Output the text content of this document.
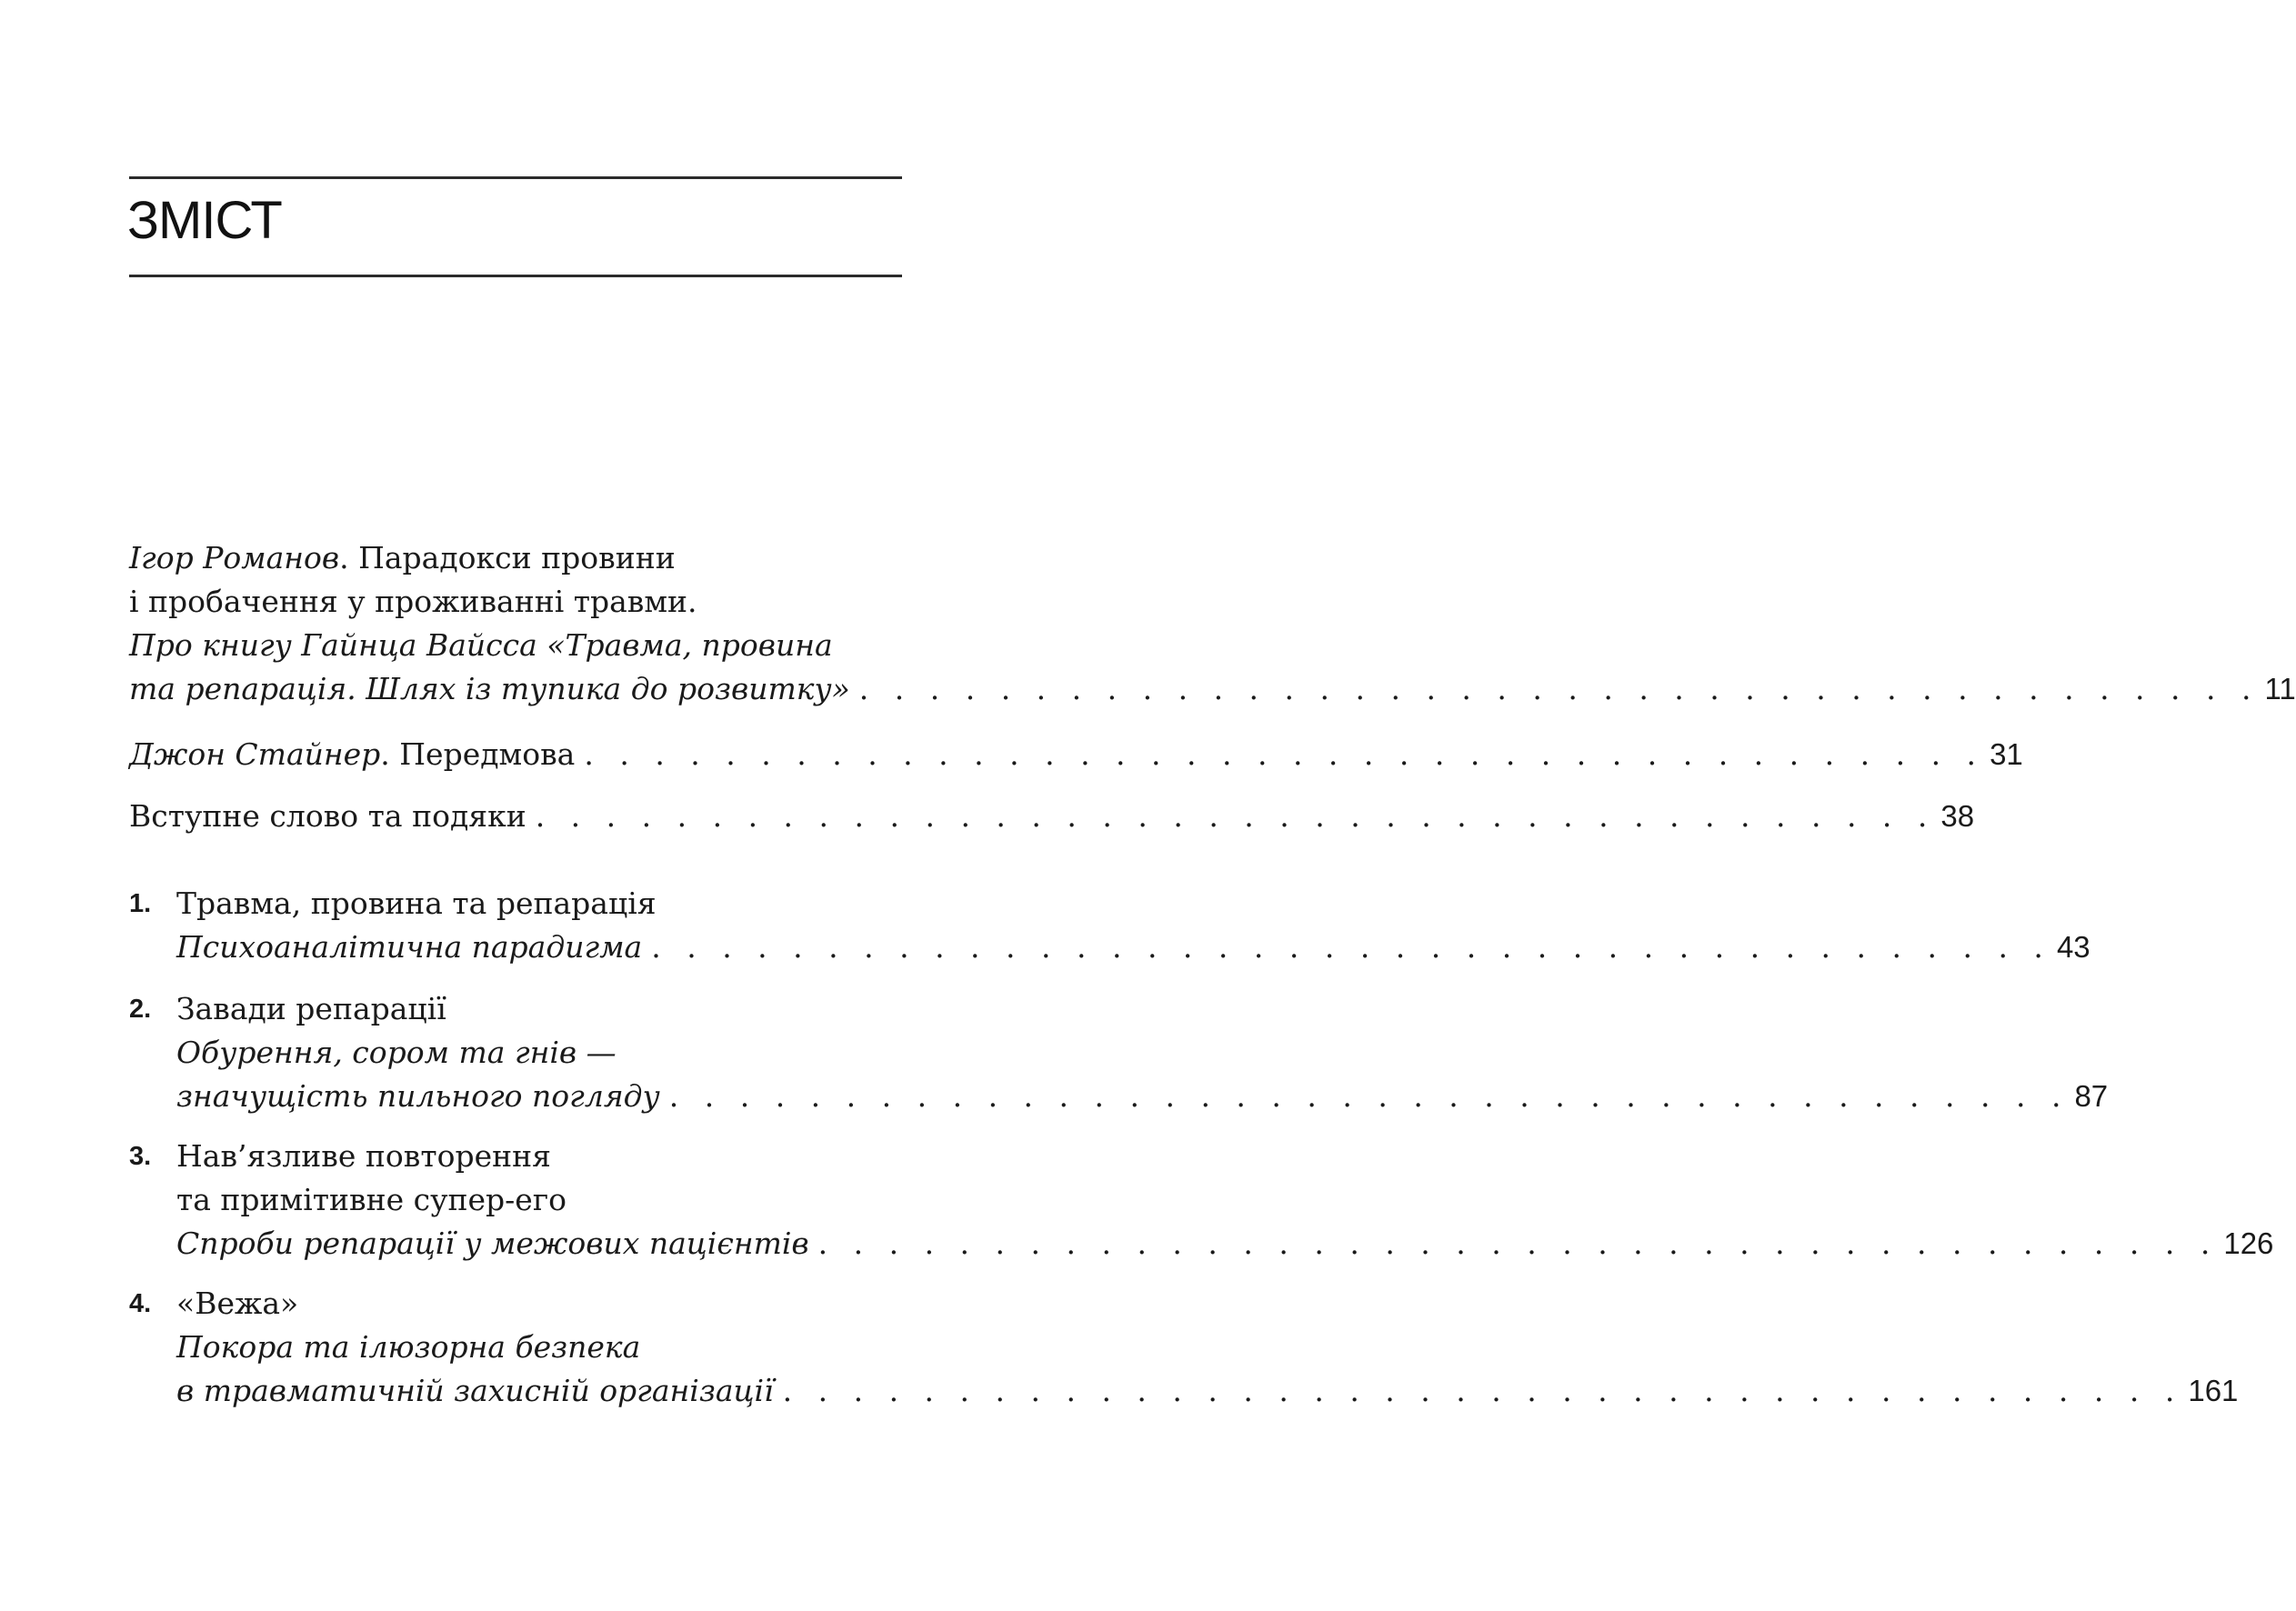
ЗМІСТ
Ігор Романов. Парадокси провини
і пробачення у проживанні травми.
Про книгу Гайнца Вайсса «Травма, провина
та репарація. Шлях із тупика до розвитку» . . . . . . . . . . . . . . . . . . . . . . . . . . . . . . . . . . . . . . . . 11
Джон Стайнер. Передмова . . . . . . . . . . . . . . . . . . . . . . . . . . . . . . . . . . . . . . . . 31
Вступне слово та подяки . . . . . . . . . . . . . . . . . . . . . . . . . . . . . . . . . . . . . . . . 38
1. Травма, провина та репарація
Психоаналітична парадигма . . . . . . . . . . . . . . . . . . . . . . . . . . . . . . . . . . . . . . . . 43
2. Завади репарації
Обурення, сором та гнів —
значущість пильного погляду . . . . . . . . . . . . . . . . . . . . . . . . . . . . . . . . . . . . . . . . 87
3. Нав’язливе повторення
та примітивне супер-его
Спроби репарації у межових пацієнтів . . . . . . . . . . . . . . . . . . . . . . . . . . . . . . . . . . . . . . . . 126
4. «Вежа»
Покора та ілюзорна безпека
в травматичній захисній організації . . . . . . . . . . . . . . . . . . . . . . . . . . . . . . . . . . . . . . . . 161
